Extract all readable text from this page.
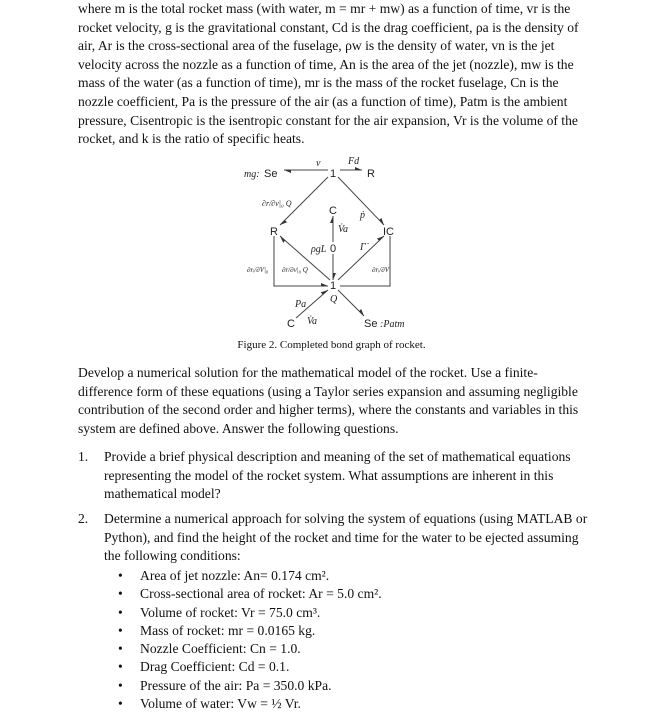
where m is the total rocket mass (with water, m = mr + mw) as a function of time, vr is the
rocket velocity, g is the gravitational constant, Cd is the drag coefficient, ρa is the density of
air, Ar is the cross-sectional area of the fuselage, ρw is the density of water, vn is the jet
velocity across the nozzle as a function of time, An is the area of the jet (nozzle), mw is the
mass of the water (as a function of time), mr is the mass of the rocket fuselage, Cn is the
nozzle coefficient, Pa is the pressure of the air (as a function of time), Patm is the ambient
pressure, Cisentropic is the isentropic constant for the air expansion, Vr is the volume of the
rocket, and k is the ratio of specific heats.
mg: Se
v
1
Fd
R
∂r/∂v|₀ Q
C ṗ
R	IC
V̇a
ρgL 0 Γ̇
∂rᵢ/∂V|₀ ∂r/∂v|₀ Q	∂rᵢ/∂V
1
Pa Q
C V̇a	Se :Patm
Figure 2. Completed bond graph of rocket.
Develop a numerical solution for the mathematical model of the rocket. Use a finite-
difference form of these equations (using a Taylor series expansion and assuming negligible
contribution of the second order and higher terms), where the constants and variables in this
system are defined above. Answer the following questions.
1. Provide a brief physical description and meaning of the set of mathematical equations
representing the model of the rocket system. What assumptions are inherent in this
mathematical model?
2. Determine a numerical approach for solving the system of equations (using MATLAB or
Python), and find the height of the rocket and time for the water to be ejected assuming
the following conditions:
• Area of jet nozzle: An= 0.174 cm².
• Cross-sectional area of rocket: Ar = 5.0 cm².
• Volume of rocket: Vr = 75.0 cm³.
• Mass of rocket: mr = 0.0165 kg.
• Nozzle Coefficient: Cn = 1.0.
• Drag Coefficient: Cd = 0.1.
• Pressure of the air: Pa = 350.0 kPa.
• Volume of water: Vw = ½ Vr.
